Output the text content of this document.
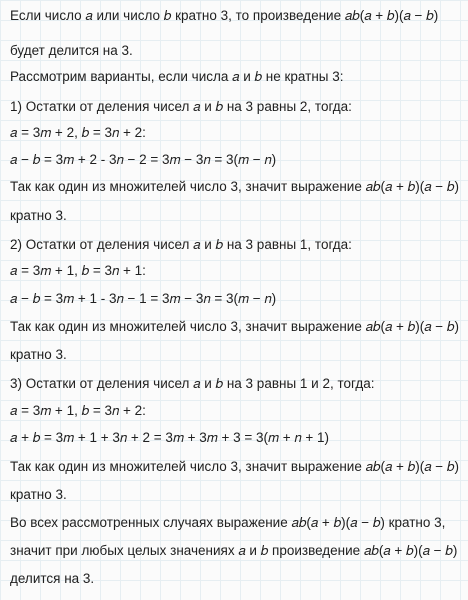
Если число 𝑎 или число 𝑏 кратно 3, то произведение 𝑎𝑏(𝑎 + 𝑏)(𝑎 − 𝑏)
будет делится на 3.
Рассмотрим варианты, если числа 𝑎 и 𝑏 не кратны 3:
1) Остатки от деления чисел 𝑎 и 𝑏 на 3 равны 2, тогда:
𝑎 = 3𝑚 + 2, 𝑏 = 3𝑛 + 2:
𝑎 − 𝑏 = 3𝑚 + 2 - 3𝑛 − 2 = 3𝑚 − 3𝑛 = 3(𝑚 − 𝑛)
Так как один из множителей число 3, значит выражение 𝑎𝑏(𝑎 + 𝑏)(𝑎 − 𝑏)
кратно 3.
2) Остатки от деления чисел 𝑎 и 𝑏 на 3 равны 1, тогда:
𝑎 = 3𝑚 + 1, 𝑏 = 3𝑛 + 1:
𝑎 − 𝑏 = 3𝑚 + 1 - 3𝑛 − 1 = 3𝑚 − 3𝑛 = 3(𝑚 − 𝑛)
Так как один из множителей число 3, значит выражение 𝑎𝑏(𝑎 + 𝑏)(𝑎 − 𝑏)
кратно 3.
3) Остатки от деления чисел 𝑎 и 𝑏 на 3 равны 1 и 2, тогда:
𝑎 = 3𝑚 + 1, 𝑏 = 3𝑛 + 2:
𝑎 + 𝑏 = 3𝑚 + 1 + 3𝑛 + 2 = 3𝑚 + 3𝑚 + 3 = 3(𝑚 + 𝑛 + 1)
Так как один из множителей число 3, значит выражение 𝑎𝑏(𝑎 + 𝑏)(𝑎 − 𝑏)
кратно 3.
Во всех рассмотренных случаях выражение 𝑎𝑏(𝑎 + 𝑏)(𝑎 − 𝑏) кратно 3,
значит при любых целых значениях 𝑎 и 𝑏 произведение 𝑎𝑏(𝑎 + 𝑏)(𝑎 − 𝑏)
делится на 3.
